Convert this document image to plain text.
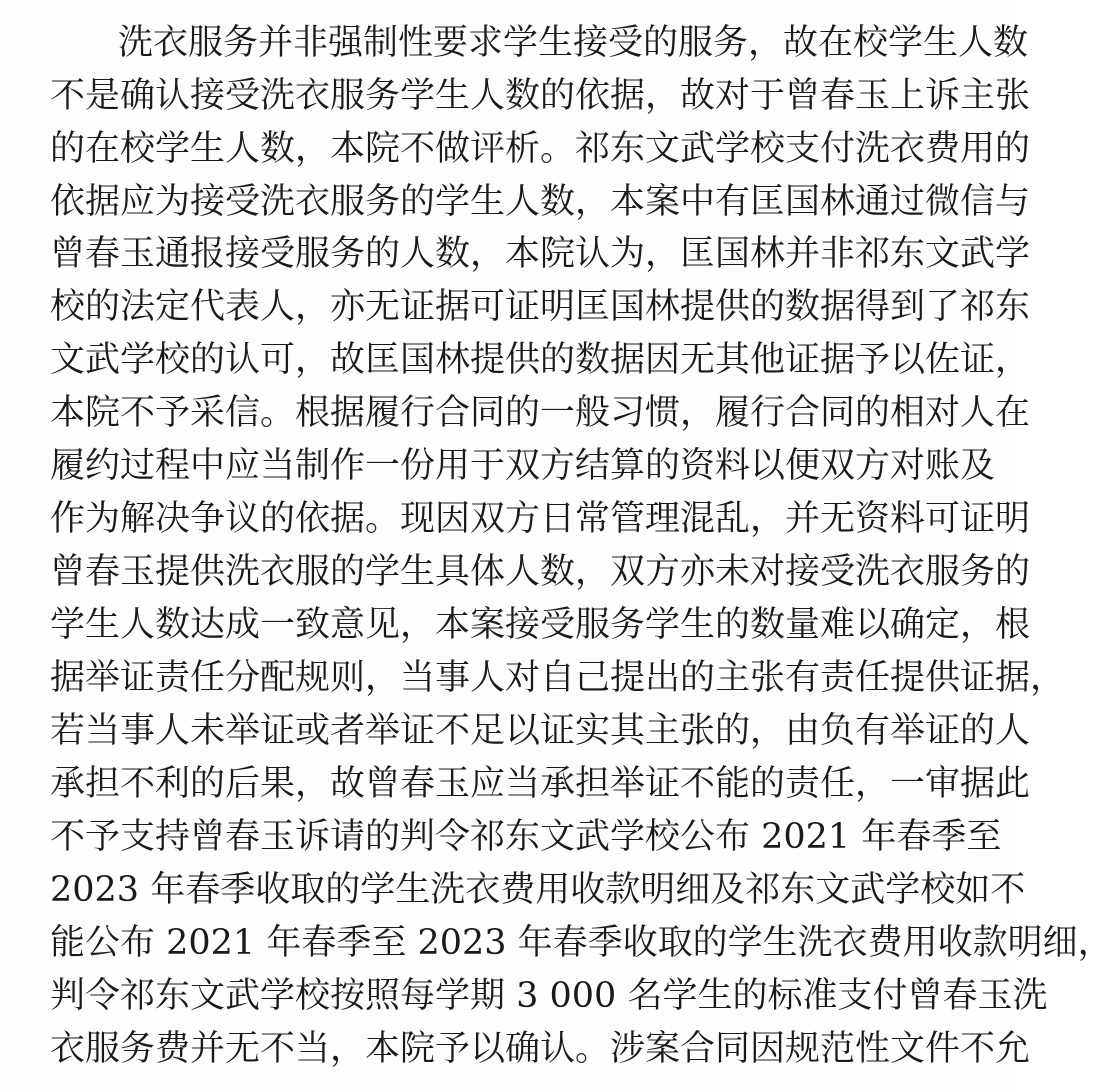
洗衣服务并非强制性要求学生接受的服务，故在校学生人数
不是确认接受洗衣服务学生人数的依据，故对于曾春玉上诉主张
的在校学生人数，本院不做评析。祁东文武学校支付洗衣费用的
依据应为接受洗衣服务的学生人数，本案中有匡国林通过微信与
曾春玉通报接受服务的人数，本院认为，匡国林并非祁东文武学
校的法定代表人，亦无证据可证明匡国林提供的数据得到了祁东
文武学校的认可，故匡国林提供的数据因无其他证据予以佐证，
本院不予采信。根据履行合同的一般习惯，履行合同的相对人在
履约过程中应当制作一份用于双方结算的资料以便双方对账及
作为解决争议的依据。现因双方日常管理混乱，并无资料可证明
曾春玉提供洗衣服的学生具体人数，双方亦未对接受洗衣服务的
学生人数达成一致意见，本案接受服务学生的数量难以确定，根
据举证责任分配规则，当事人对自己提出的主张有责任提供证据，
若当事人未举证或者举证不足以证实其主张的，由负有举证的人
承担不利的后果，故曾春玉应当承担举证不能的责任，一审据此
不予支持曾春玉诉请的判令祁东文武学校公布 2021 年春季至
2023 年春季收取的学生洗衣费用收款明细及祁东文武学校如不
能公布 2021 年春季至 2023 年春季收取的学生洗衣费用收款明细，
判令祁东文武学校按照每学期 3 000 名学生的标准支付曾春玉洗
衣服务费并无不当，本院予以确认。涉案合同因规范性文件不允
